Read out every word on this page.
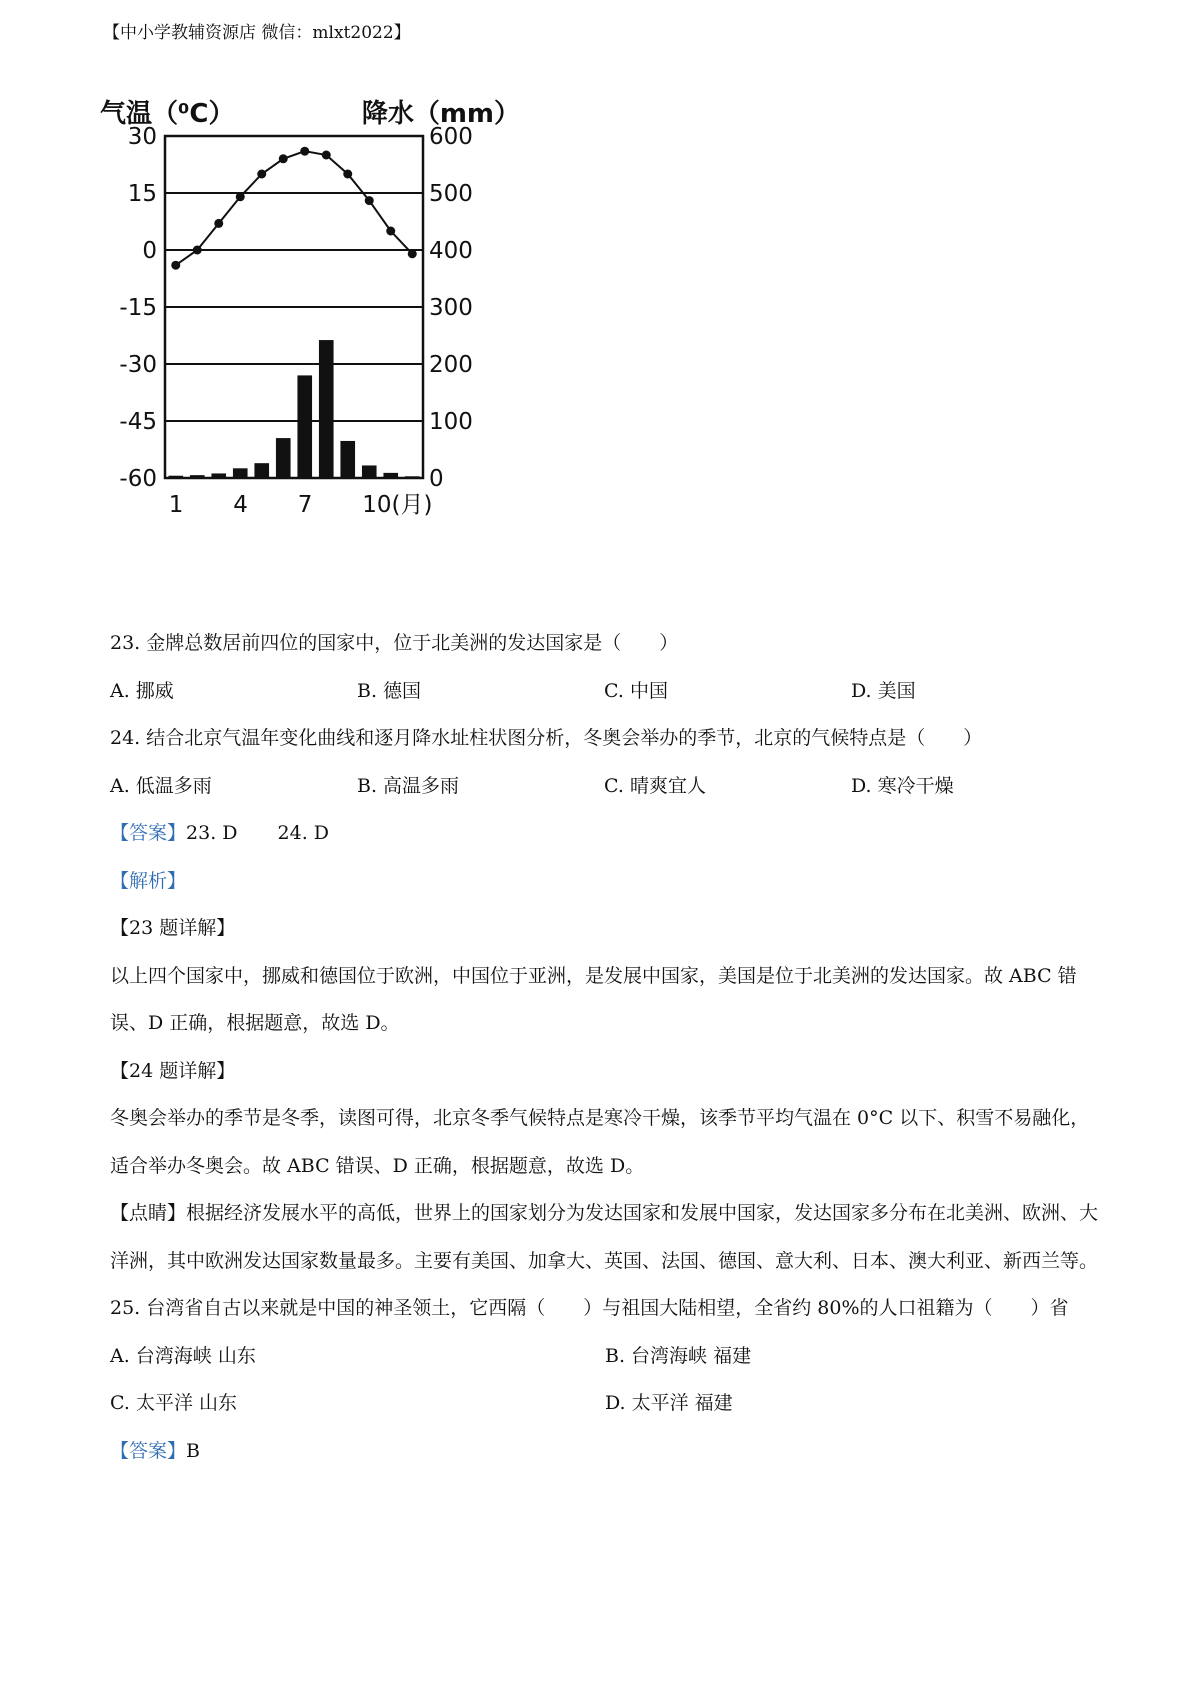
【中小学教辅资源店 微信：mlxt2022】
30
15
0
-15
-30
-45
-60
600
500
400
300
200
100
0
气温（⁰C）	降水（mm）
1 4 7 10(月)
23. 金牌总数居前四位的国家中，位于北美洲的发达国家是（　　）
A. 挪威	B. 德国	C. 中国	D. 美国
24. 结合北京气温年变化曲线和逐月降水址柱状图分析，冬奥会举办的季节，北京的气候特点是（　　）
A. 低温多雨	B. 高温多雨	C. 晴爽宜人	D. 寒冷干燥
【答案】23. D 24. D
【解析】
【23 题详解】
以上四个国家中，挪威和德国位于欧洲，中国位于亚洲，是发展中国家，美国是位于北美洲的发达国家。故 ABC 错误、D 正确，根据题意，故选 D。
【24 题详解】
冬奥会举办的季节是冬季，读图可得，北京冬季气候特点是寒冷干燥，该季节平均气温在 0°C 以下、积雪不易融化，适合举办冬奥会。故 ABC 错误、D 正确，根据题意，故选 D。
【点睛】根据经济发展水平的高低，世界上的国家划分为发达国家和发展中国家，发达国家多分布在北美洲、欧洲、大洋洲，其中欧洲发达国家数量最多。主要有美国、加拿大、英国、法国、德国、意大利、日本、澳大利亚、新西兰等。
25. 台湾省自古以来就是中国的神圣领土，它西隔（　　）与祖国大陆相望，全省约 80%的人口祖籍为（　　）省
A. 台湾海峡 山东	B. 台湾海峡 福建
C. 太平洋 山东	D. 太平洋 福建
【答案】B
